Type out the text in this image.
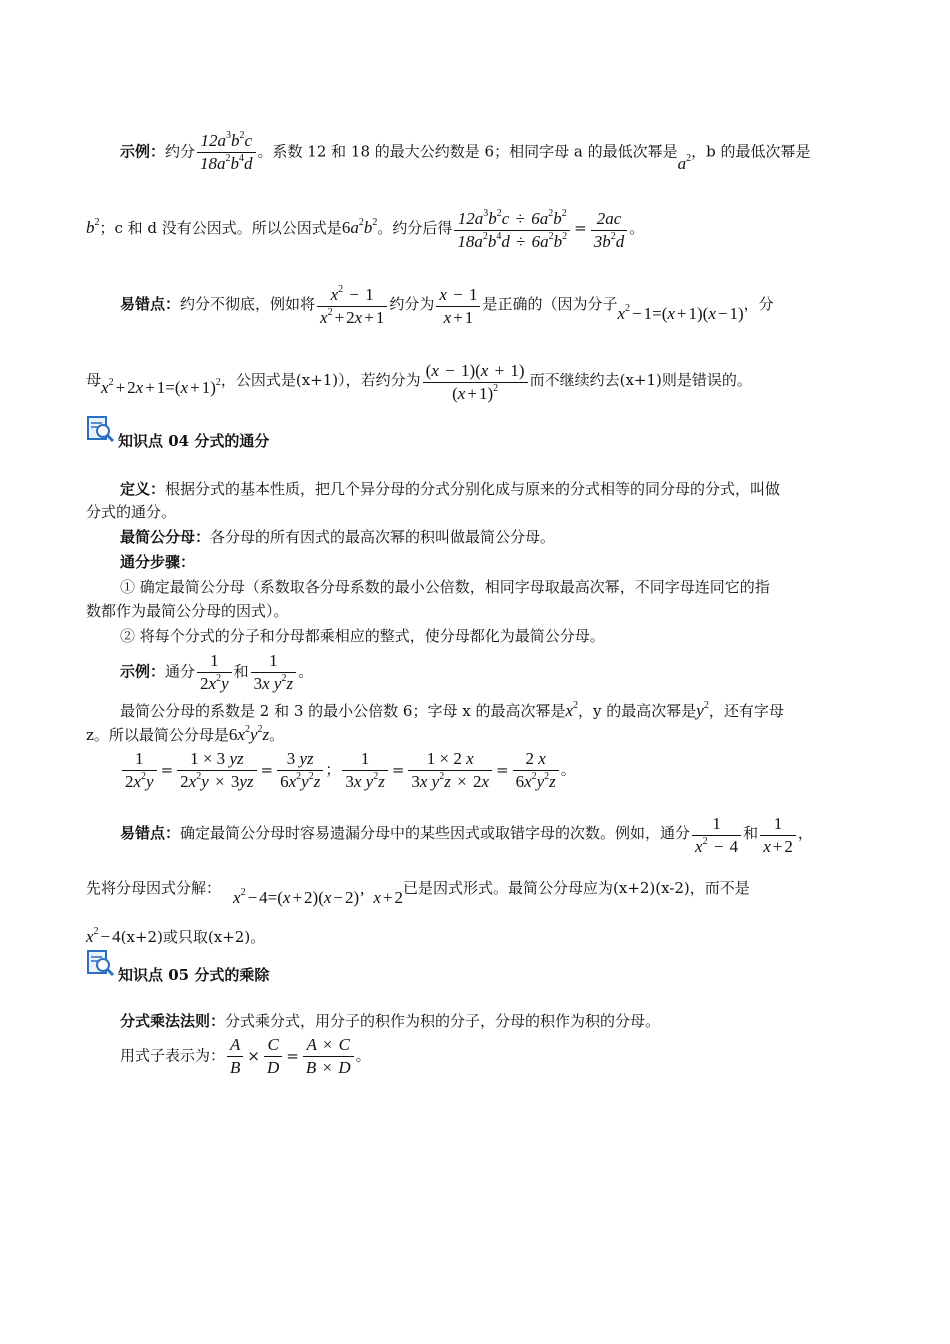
示例：约分 $\frac{12a^3b^2c}{18a^2b^4d}$ 。系数 12 和 18 的最大公约数是 6；相同字母 a 的最低次幂是$a^2$，b 的最低次幂是
$b^2$；c 和 d 没有公因式。所以公因式是$6a^2b^2$。约分后得 $\frac{12a^3b^2c \div 6a^2b^2}{18a^2b^4d \div 6a^2b^2} = \frac{2ac}{3b^2d}$ 。
易错点：约分不彻底，例如将 $\frac{x^2 - 1}{x^2 + 2x + 1}$ 约分为 $\frac{x - 1}{x + 1}$ 是正确的（因为分子$x^2 - 1=(x + 1)(x - 1)$，分
母$x^2 + 2x + 1=(x + 1)^2$，公因式是(x+1)），若约分为 $\frac{(x - 1)(x + 1)}{(x + 1)^2}$ 而不继续约去(x+1)则是错误的。
知识点 04 分式的通分
定义：根据分式的基本性质，把几个异分母的分式分别化成与原来的分式相等的同分母的分式，叫做
分式的通分。
最简公分母：各分母的所有因式的最高次幂的积叫做最简公分母。
通分步骤：
① 确定最简公分母（系数取各分母系数的最小公倍数，相同字母取最高次幂，不同字母连同它的指
数都作为最简公分母的因式）。
② 将每个分式的分子和分母都乘相应的整式，使分母都化为最简公分母。
示例：通分 $\frac{1}{2x^2y}$ 和 $\frac{1}{3x y^2z}$ 。
最简公分母的系数是 2 和 3 的最小公倍数 6；字母 x 的最高次幂是$x^2$，y 的最高次幂是$y^2$，还有字母
z。所以最简公分母是$6x^2y^2z$。
$\frac{1}{2x^2y} = \frac{1 \times 3 yz}{2x^2y \times 3yz} = \frac{3 yz}{6x^2y^2z}$ ； $\frac{1}{3x y^2z} = \frac{1 \times 2 x}{3x y^2z \times 2x} = \frac{2 x}{6x^2y^2z}$ 。
易错点：确定最简公分母时容易遗漏分母中的某些因式或取错字母的次数。例如，通分 $\frac{1}{x^2 - 4}$ 和 $\frac{1}{x + 2}$ ，
先将分母因式分解： $x^2 - 4=(x + 2)(x - 2)$’  x + 2已是因式形式。最简公分母应为(x+2)(x-2)，而不是
$x^2 - 4(x+2)$或只取(x+2)。
知识点 05 分式的乘除
分式乘法法则：分式乘分式，用分子的积作为积的分子，分母的积作为积的分母。
用式子表示为： $\frac{A}{B} \times \frac{C}{D} = \frac{A \times C}{B \times D}$ 。
